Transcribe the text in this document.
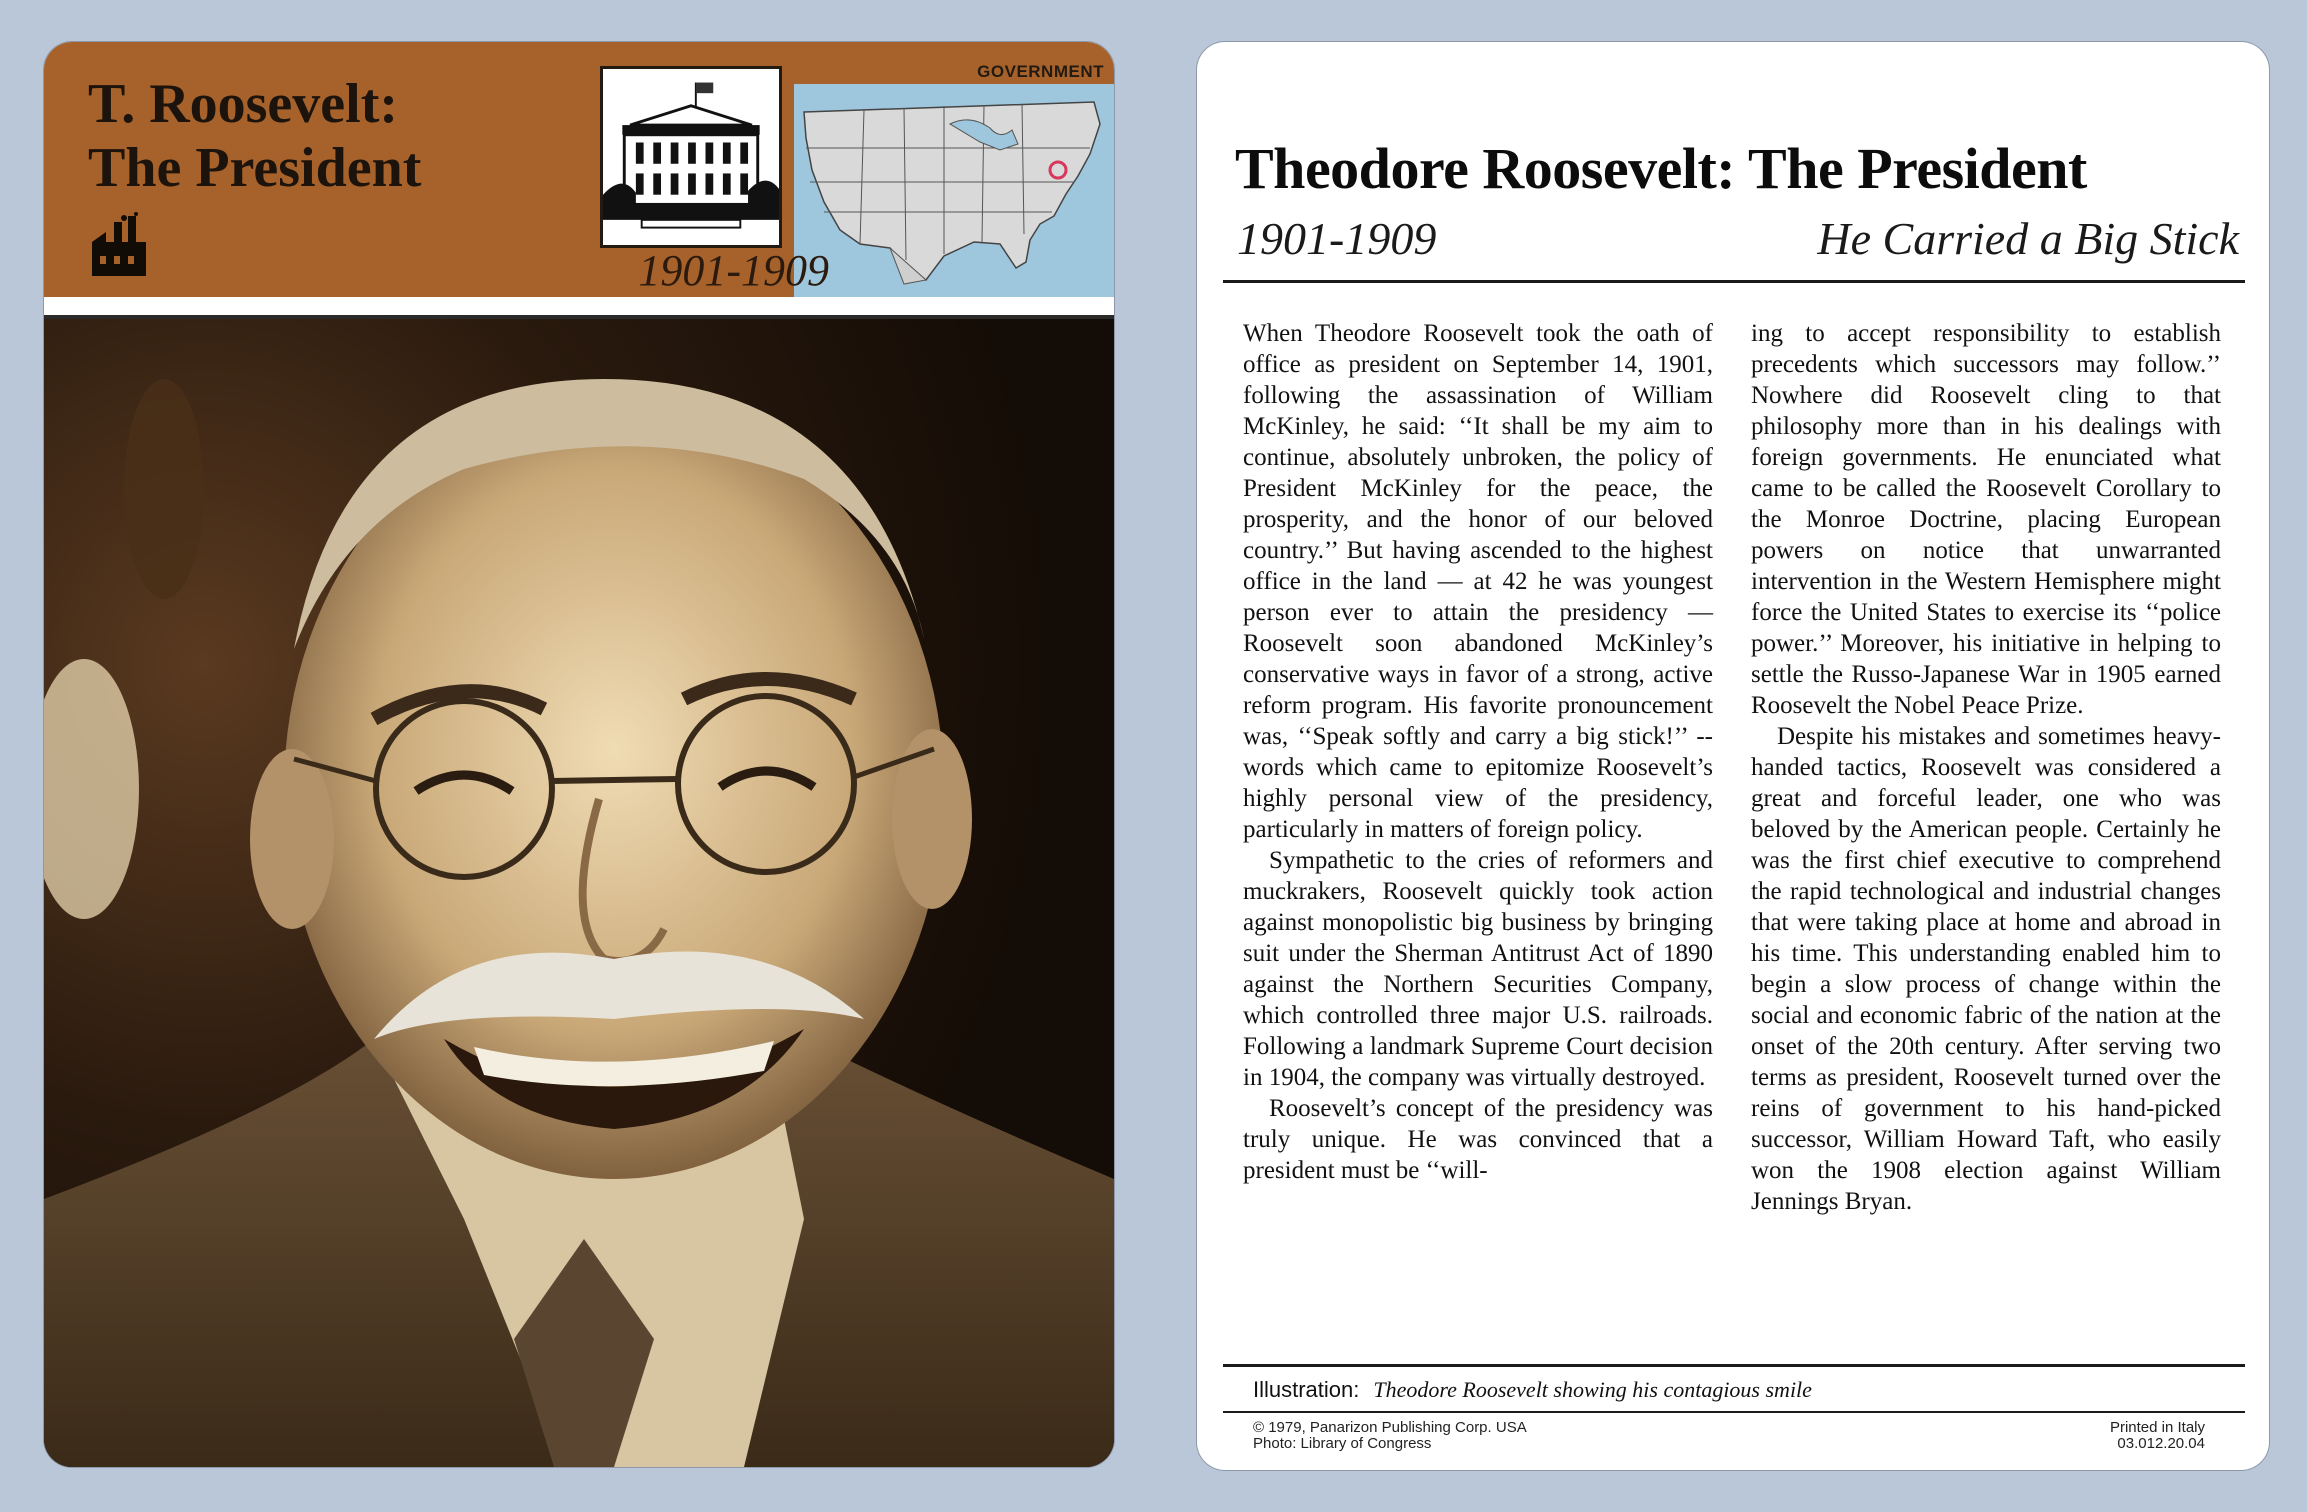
T. Roosevelt:
The President
GOVERNMENT
1901-1909
Theodore Roosevelt: The President
1901-1909	He Carried a Big Stick

When Theodore Roosevelt took the oath of office as president on September 14, 1901, following the assassination of William McKinley, he said: ‘‘It shall be my aim to continue, absolutely unbroken, the policy of President McKinley for the peace, the prosperity, and the honor of our beloved country.’’ But having ascended to the highest office in the land — at 42 he was youngest person ever to attain the presidency — Roosevelt soon abandoned McKinley’s conservative ways in favor of a strong, active reform program. His favorite pronouncement was, ‘‘Speak softly and carry a big stick!’’ -- words which came to epitomize Roosevelt’s highly personal view of the presidency, particularly in matters of foreign policy.

Sympathetic to the cries of reformers and muckrakers, Roosevelt quickly took action against monopolistic big business by bringing suit under the Sherman Antitrust Act of 1890 against the Northern Securities Company, which controlled three major U.S. railroads. Following a landmark Supreme Court decision in 1904, the company was virtually destroyed.

Roosevelt’s concept of the presidency was truly unique. He was convinced that a president must be ‘‘will-

ing to accept responsibility to establish precedents which successors may follow.’’ Nowhere did Roosevelt cling to that philosophy more than in his dealings with foreign governments. He enunciated what came to be called the Roosevelt Corollary to the Monroe Doctrine, placing European powers on notice that unwarranted intervention in the Western Hemisphere might force the United States to exercise its ‘‘police power.’’ Moreover, his initiative in helping to settle the Russo-Japanese War in 1905 earned Roosevelt the Nobel Peace Prize.

Despite his mistakes and sometimes heavy-handed tactics, Roosevelt was considered a great and forceful leader, one who was beloved by the American people. Certainly he was the first chief executive to comprehend the rapid technological and industrial changes that were taking place at home and abroad in his time. This understanding enabled him to begin a slow process of change within the social and economic fabric of the nation at the onset of the 20th century. After serving two terms as president, Roosevelt turned over the reins of government to his hand-picked successor, William Howard Taft, who easily won the 1908 election against William Jennings Bryan.

Illustration: Theodore Roosevelt showing his contagious smile
© 1979, Panarizon Publishing Corp. USA
Photo: Library of Congress
Printed in Italy
03.012.20.04
